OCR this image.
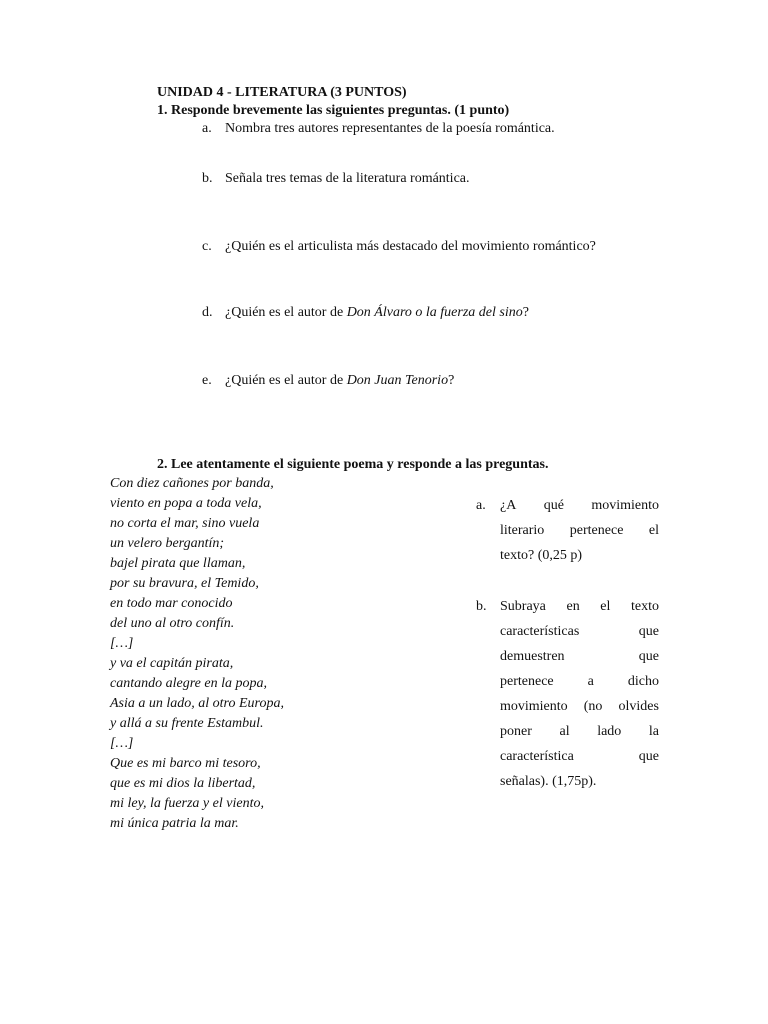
UNIDAD 4 - LITERATURA (3 PUNTOS)
1. Responde brevemente las siguientes preguntas. (1 punto)
a. Nombra tres autores representantes de la poesía romántica.
b. Señala tres temas de la literatura romántica.
c. ¿Quién es el articulista más destacado del movimiento romántico?
d. ¿Quién es el autor de Don Álvaro o la fuerza del sino?
e. ¿Quién es el autor de Don Juan Tenorio?
2. Lee atentamente el siguiente poema y responde a las preguntas.
Con diez cañones por banda,
viento en popa a toda vela,
no corta el mar, sino vuela
un velero bergantín;
bajel pirata que llaman,
por su bravura, el Temido,
en todo mar conocido
del uno al otro confín.
[…]
y va el capitán pirata,
cantando alegre en la popa,
Asia a un lado, al otro Europa,
y allá a su frente Estambul.
[…]
Que es mi barco mi tesoro,
que es mi dios la libertad,
mi ley, la fuerza y el viento,
mi única patria la mar.
a. ¿A qué movimiento
literario pertenece el
texto? (0,25 p)
b. Subraya en el texto
características	que
demuestren	que
pertenece a dicho
movimiento (no olvides
poner al lado la
característica	que
señalas). (1,75p).
